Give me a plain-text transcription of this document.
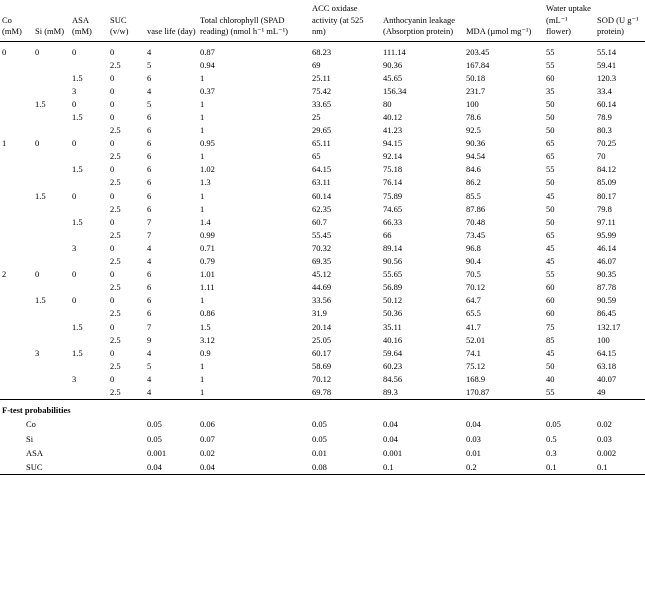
Co (mM)	Si (mM)	ASA (mM)	SUC (v/w)	vase life (day)	Total chlorophyll (SPAD reading) (nmol h⁻¹ mL⁻¹)	ACC oxidase activity (at 525 nm)	Anthocyanin leakage (Absorption protein)	MDA (µmol mg⁻¹)	Water uptake (mL⁻¹ flower)	SOD (U g⁻¹ protein)
0	0	0	0	4	0.87	68.23	111.14	203.45	55	55.14
			2.5	5	0.94	69	90.36	167.84	55	59.41
		1.5	0	6	1	25.11	45.65	50.18	60	120.3
		3	0	4	0.37	75.42	156.34	231.7	35	33.4
	1.5	0	0	5	1	33.65	80	100	50	60.14
		1.5	0	6	1	25	40.12	78.6	50	78.9
			2.5	6	1	29.65	41.23	92.5	50	80.3
1	0	0	0	6	0.95	65.11	94.15	90.36	65	70.25
			2.5	6	1	65	92.14	94.54	65	70
		1.5	0	6	1.02	64.15	75.18	84.6	55	84.12
			2.5	6	1.3	63.11	76.14	86.2	50	85.09
	1.5	0	0	6	1	60.14	75.89	85.5	45	80.17
			2.5	6	1	62.35	74.65	87.86	50	79.8
		1.5	0	7	1.4	60.7	66.33	70.48	50	97.11
			2.5	7	0.99	55.45	66	73.45	65	95.99
		3	0	4	0.71	70.32	89.14	96.8	45	46.14
			2.5	4	0.79	69.35	90.56	90.4	45	46.07
2	0	0	0	6	1.01	45.12	55.65	70.5	55	90.35
			2.5	6	1.11	44.69	56.89	70.12	60	87.78
	1.5	0	0	6	1	33.56	50.12	64.7	60	90.59
			2.5	6	0.86	31.9	50.36	65.5	60	86.45
		1.5	0	7	1.5	20.14	35.11	41.7	75	132.17
			2.5	9	3.12	25.05	40.16	52.01	85	100
	3	1.5	0	4	0.9	60.17	59.64	74.1	45	64.15
			2.5	5	1	58.69	60.23	75.12	50	63.18
		3	0	4	1	70.12	84.56	168.9	40	40.07
			2.5	4	1	69.78	89.3	170.87	55	49
F-test probabilities										
Co				0.05	0.06	0.05	0.04	0.04	0.05	0.02
Si				0.05	0.07	0.05	0.04	0.03	0.5	0.03
ASA				0.001	0.02	0.01	0.001	0.01	0.3	0.002
SUC				0.04	0.04	0.08	0.1	0.2	0.1	0.1
